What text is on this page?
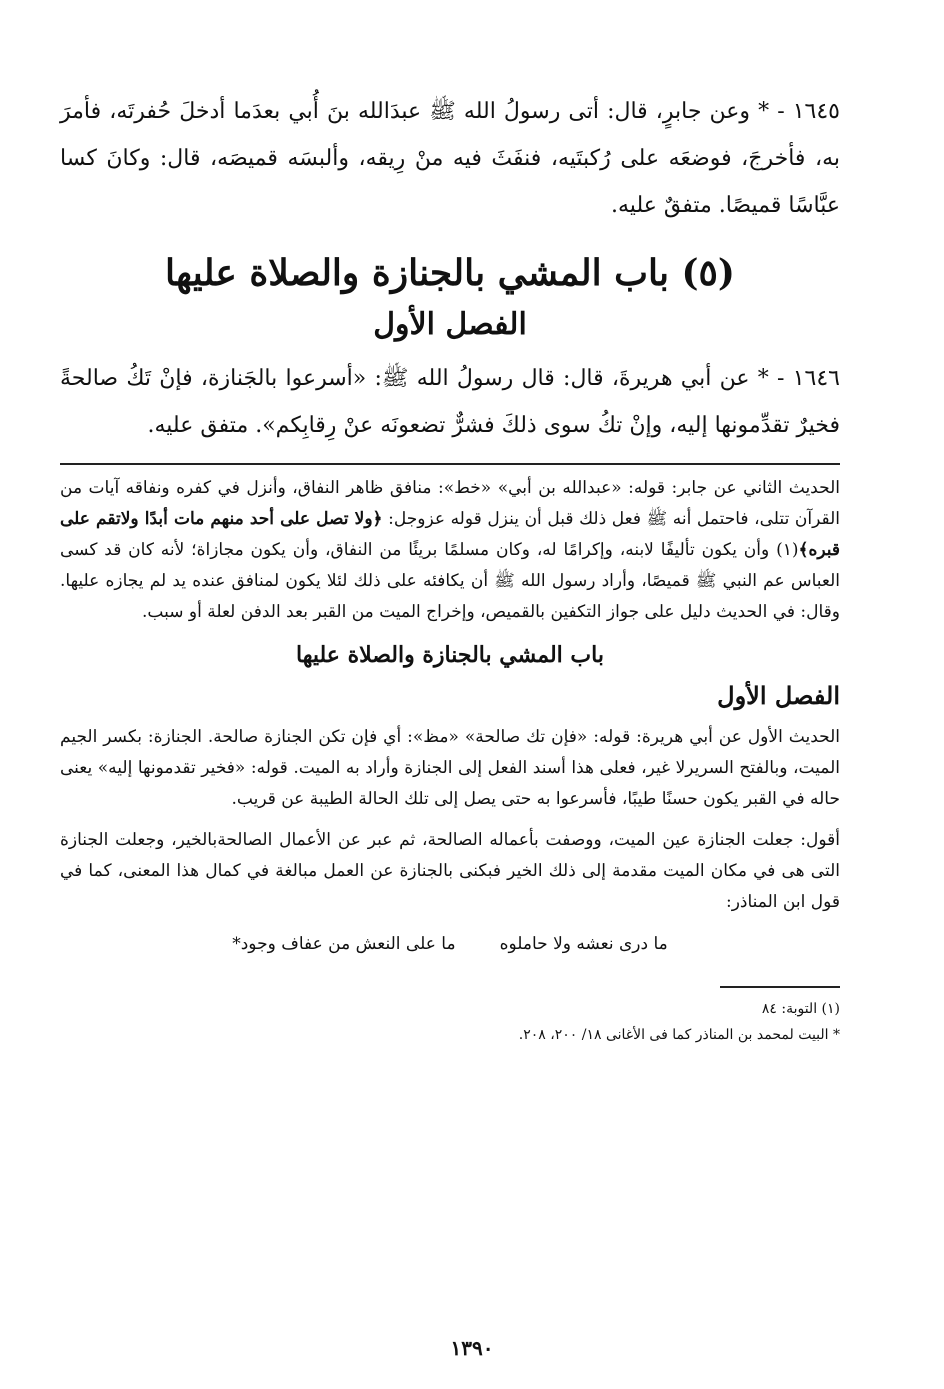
١٦٤٥ - * وعن جابرٍ، قال: أتى رسولُ الله ﷺ عبدَالله بنَ أُبي بعدَما أدخلَ حُفرتَه، فأمرَ به، فأخرجَ، فوضعَه على رُكبتَيه، فنفَثَ فيه منْ رِيقه، وألبسَه قميصَه، قال: وكانَ كسا عبَّاسًا قميصًا. متفقٌ عليه.

(٥) باب المشي بالجنازة والصلاة عليها
الفصل الأول

١٦٤٦ - * عن أبي هريرةَ، قال: قال رسولُ الله ﷺ: «أسرعوا بالجَنازة، فإنْ تَكُ صالحةً فخيرٌ تقدِّمونها إليه، وإنْ تكُ سوى ذلكَ فشرٌّ تضعونَه عنْ رِقابِكم». متفق عليه.

الحديث الثاني عن جابر: قوله: «عبدالله بن أبي» «خط»: منافق ظاهر النفاق، وأنزل في كفره ونفاقه آيات من القرآن تتلى، فاحتمل أنه ﷺ فعل ذلك قبل أن ينزل قوله عزوجل: ﴿ولا تصل على أحد منهم مات أبدًا ولاتقم على قبره﴾(١) وأن يكون تأليفًا لابنه، وإكرامًا له، وكان مسلمًا بريئًا من النفاق، وأن يكون مجازاة؛ لأنه كان قد كسى العباس عم النبي ﷺ قميصًا، وأراد رسول الله ﷺ أن يكافئه على ذلك لئلا يكون لمنافق عنده يد لم يجازه عليها. وقال: في الحديث دليل على جواز التكفين بالقميص، وإخراج الميت من القبر بعد الدفن لعلة أو سبب.

باب المشي بالجنازة والصلاة عليها
الفصل الأول

الحديث الأول عن أبي هريرة: قوله: «فإن تك صالحة» «مظ»: أي فإن تكن الجنازة صالحة. الجنازة: بكسر الجيم الميت، وبالفتح السريرلا غير، فعلى هذا أسند الفعل إلى الجنازة وأراد به الميت. قوله: «فخير تقدمونها إليه» يعنى حاله في القبر يكون حسنًا طيبًا، فأسرعوا به حتى يصل إلى تلك الحالة الطيبة عن قريب.

أقول: جعلت الجنازة عين الميت، ووصفت بأعماله الصالحة، ثم عبر عن الأعمال الصالحةبالخير، وجعلت الجنازة التى هى في مكان الميت مقدمة إلى ذلك الخير فبكنى بالجنازة عن العمل مبالغة في كمال هذا المعنى، كما في قول ابن المناذر:

ما درى نعشه ولا حاملوه
ما على النعش من عفاف وجود*
(١) التوبة: ٨٤
* البيت لمحمد بن المناذر كما فى الأغانى ١٨/ ٢٠٠، ٢٠٨.
١٣٩٠
